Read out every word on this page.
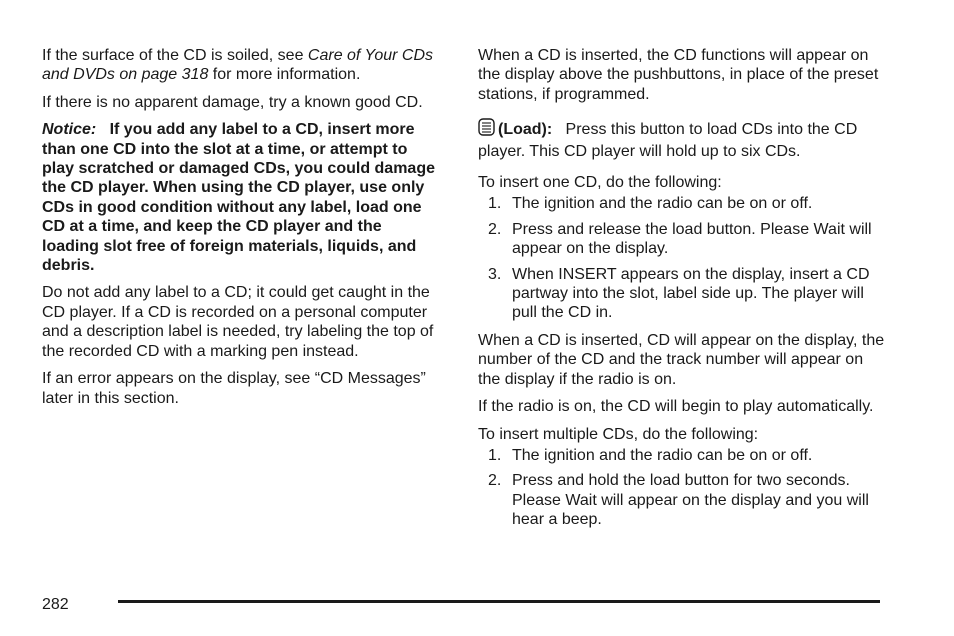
If the surface of the CD is soiled, see Care of Your CDs and DVDs on page 318 for more information.

If there is no apparent damage, try a known good CD.

Notice: If you add any label to a CD, insert more than one CD into the slot at a time, or attempt to play scratched or damaged CDs, you could damage the CD player. When using the CD player, use only CDs in good condition without any label, load one CD at a time, and keep the CD player and the loading slot free of foreign materials, liquids, and debris.

Do not add any label to a CD; it could get caught in the CD player. If a CD is recorded on a personal computer and a description label is needed, try labeling the top of the recorded CD with a marking pen instead.

If an error appears on the display, see “CD Messages” later in this section.

When a CD is inserted, the CD functions will appear on the display above the pushbuttons, in place of the preset stations, if programmed.

(Load): Press this button to load CDs into the CD player. This CD player will hold up to six CDs.

To insert one CD, do the following:

1. The ignition and the radio can be on or off.
2. Press and release the load button. Please Wait will appear on the display.
3. When INSERT appears on the display, insert a CD partway into the slot, label side up. The player will pull the CD in.

When a CD is inserted, CD will appear on the display, the number of the CD and the track number will appear on the display if the radio is on.

If the radio is on, the CD will begin to play automatically.

To insert multiple CDs, do the following:

1. The ignition and the radio can be on or off.
2. Press and hold the load button for two seconds. Please Wait will appear on the display and you will hear a beep.
282
